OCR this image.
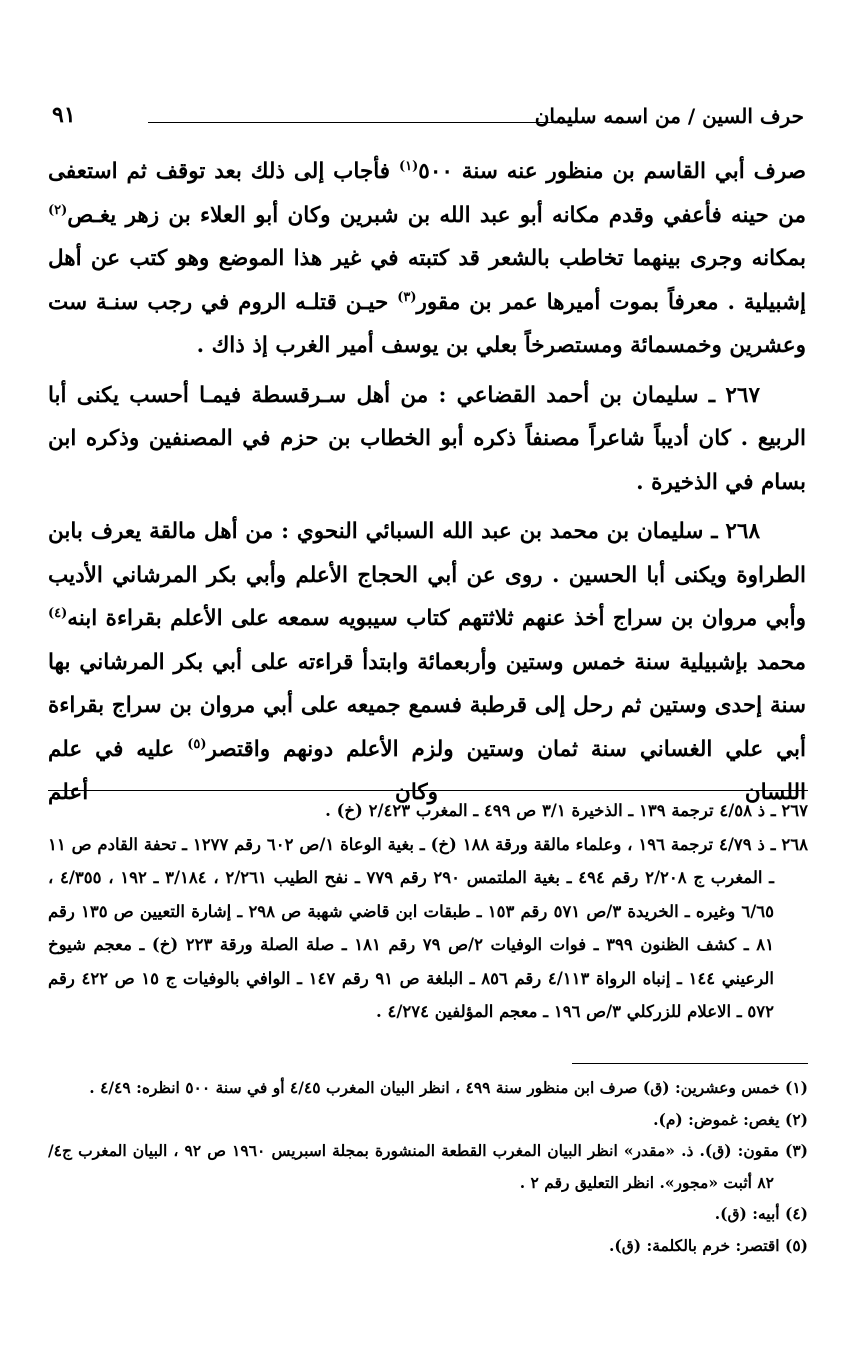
حرف السين / من اسمه سليمان
٩١

صرف أبي القاسم بن منظور عنه سنة ٥٠٠$^{(١)}$ فأجاب إلى ذلك بعد توقف ثم استعفى من حينه فأعفي وقدم مكانه أبو عبد الله بن شبرين وكان أبو العلاء بن زهر يغـص$^{(٢)}$ بمكانه وجرى بينهما تخاطب بالشعر قد كتبته في غير هذا الموضع وهو كتب عن أهل إشبيلية . معرفاً بموت أميرها عمر بن مقور$^{(٣)}$ حيـن قتلـه الروم في رجب سنـة ست وعشرين وخمسمائة ومستصرخاً بعلي بن يوسف أمير الغرب إذ ذاك .

٢٦٧ ـ سليمان بن أحمد القضاعي : من أهل سـرقسطة فيمـا أحسب يكنى أبا الربيع . كان أديباً شاعراً مصنفاً ذكره أبو الخطاب بن حزم في المصنفين وذكره ابن بسام في الذخيرة .

٢٦٨ ـ سليمان بن محمد بن عبد الله السبائي النحوي : من أهل مالقة يعرف بابن الطراوة ويكنى أبا الحسين . روى عن أبي الحجاج الأعلم وأبي بكر المرشاني الأديب وأبي مروان بن سراج أخذ عنهم ثلاثتهم كتاب سيبويه سمعه على الأعلم بقراءة ابنه$^{(٤)}$ محمد بإشبيلية سنة خمس وستين وأربعمائة وابتدأ قراءته على أبي بكر المرشاني بها سنة إحدى وستين ثم رحل إلى قرطبة فسمع جميعه على أبي مروان بن سراج بقراءة أبي علي الغساني سنة ثمان وستين ولزم الأعلم دونهم واقتصر$^{(٥)}$ عليه في علم اللسان وكان أعلم

٢٦٧ ـ ذ ٤/٥٨ ترجمة ١٣٩ ـ الذخيرة ٣/١ ص ٤٩٩ ـ المغرب ٢/٤٢٣ (خ) .

٢٦٨ ـ ذ ٤/٧٩ ترجمة ١٩٦ ، وعلماء مالقة ورقة ١٨٨ (خ) ـ بغية الوعاة ١/ص ٦٠٢ رقم ١٢٧٧ ـ تحفة القادم ص ١١ ـ المغرب ج ٢/٢٠٨ رقم ٤٩٤ ـ بغية الملتمس ٢٩٠ رقم ٧٧٩ ـ نفح الطيب ٢/٢٦١ ، ٣/١٨٤ ـ ١٩٢ ، ٤/٣٥٥ ، ٦/٦٥ وغيره ـ الخريدة ٣/ص ٥٧١ رقم ١٥٣ ـ طبقات ابن قاضي شهبة ص ٢٩٨ ـ إشارة التعيين ص ١٣٥ رقم ٨١ ـ كشف الظنون ٣٩٩ ـ فوات الوفيات ٢/ص ٧٩ رقم ١٨١ ـ صلة الصلة ورقة ٢٢٣ (خ) ـ معجم شيوخ الرعيني ١٤٤ ـ إنباه الرواة ٤/١١٣ رقم ٨٥٦ ـ البلغة ص ٩١ رقم ١٤٧ ـ الوافي بالوفيات ج ١٥ ص ٤٢٢ رقم ٥٧٢ ـ الاعلام للزركلي ٣/ص ١٩٦ ـ معجم المؤلفين ٤/٢٧٤ .

(١) خمس وعشرين: (ق) صرف ابن منظور سنة ٤٩٩ ، انظر البيان المغرب ٤/٤٥ أو في سنة ٥٠٠ انظره: ٤/٤٩ .

(٢) يغص: غموض: (م).

(٣) مقون: (ق). ذ. «مقدر» انظر البيان المغرب القطعة المنشورة بمجلة اسبريس ١٩٦٠ ص ٩٢ ، البيان المغرب ج٤/ ٨٢ أثبت «مجور». انظر التعليق رقم ٢ .

(٤) أبيه: (ق).

(٥) اقتصر: خرم بالكلمة: (ق).
